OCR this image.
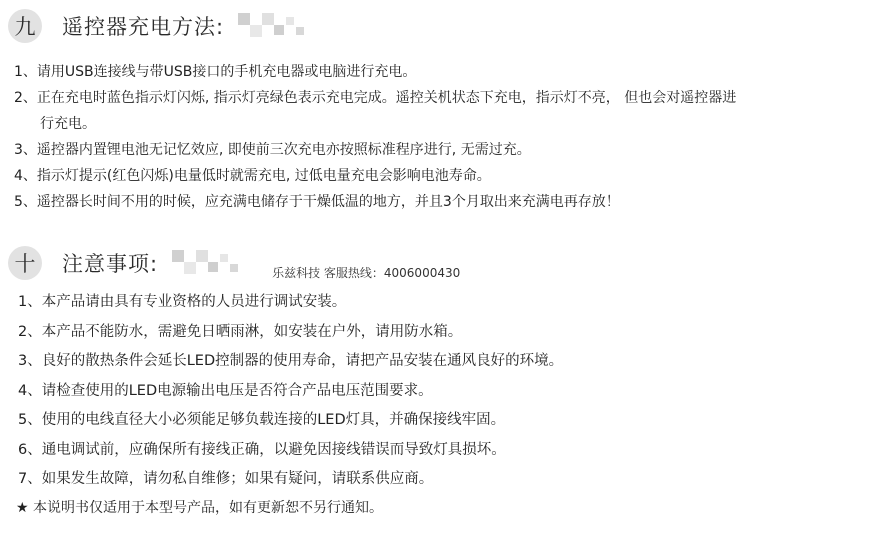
九	遥控器充电方法:
1、请用USB连接线与带USB接口的手机充电器或电脑进行充电。
2、正在充电时蓝色指示灯闪烁, 指示灯亮绿色表示充电完成。遥控关机状态下充电，指示灯不亮， 但也会对遥控器进
行充电。
3、遥控器内置锂电池无记忆效应, 即使前三次充电亦按照标准程序进行, 无需过充。
4、指示灯提示(红色闪烁)电量低时就需充电, 过低电量充电会影响电池寿命。
5、遥控器长时间不用的时候，应充满电储存于干燥低温的地方，并且3个月取出来充满电再存放！
十	注意事项:	乐兹科技 客服热线：4006000430
1、本产品请由具有专业资格的人员进行调试安装。
2、本产品不能防水，需避免日晒雨淋，如安装在户外，请用防水箱。
3、良好的散热条件会延长LED控制器的使用寿命，请把产品安装在通风良好的环境。
4、请检查使用的LED电源输出电压是否符合产品电压范围要求。
5、使用的电线直径大小必须能足够负载连接的LED灯具，并确保接线牢固。
6、通电调试前，应确保所有接线正确，以避免因接线错误而导致灯具损坏。
7、如果发生故障，请勿私自维修；如果有疑问，请联系供应商。
★ 本说明书仅适用于本型号产品，如有更新恕不另行通知。
